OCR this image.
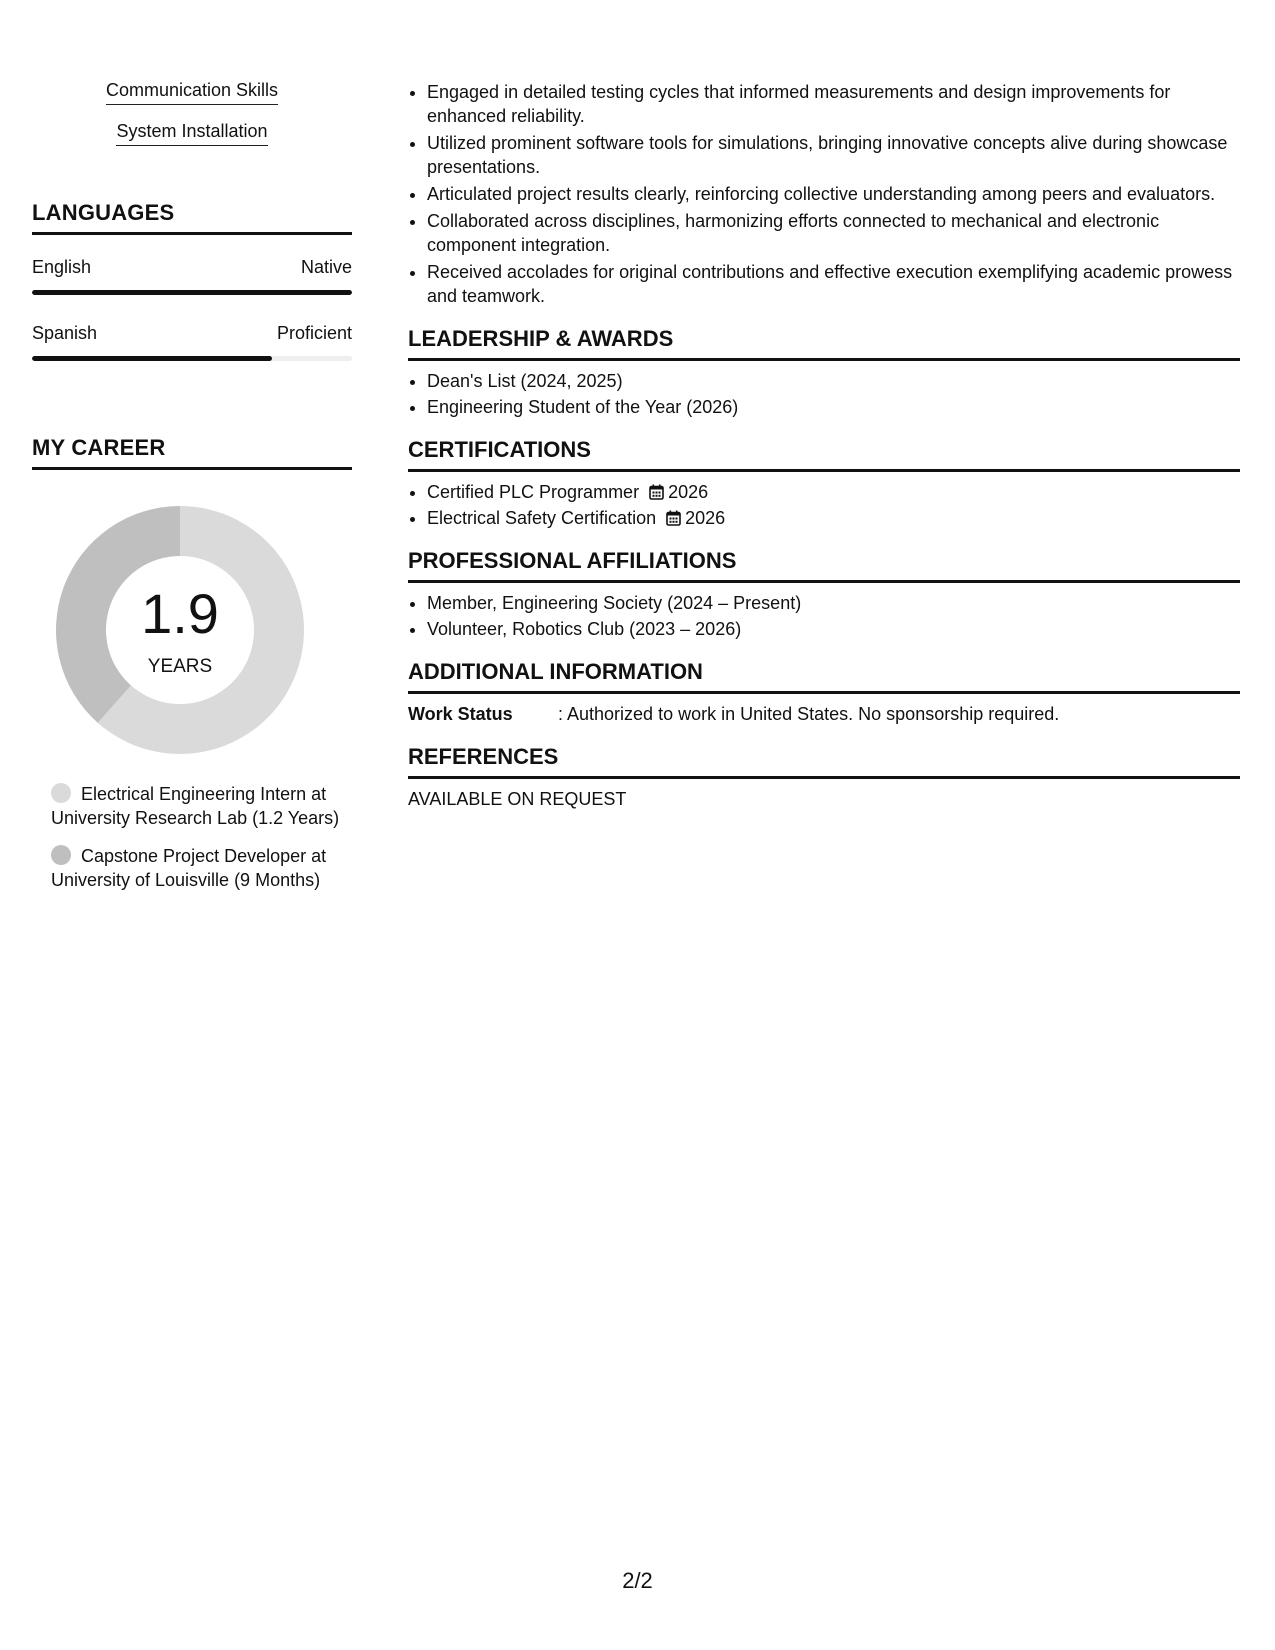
Communication Skills
System Installation
LANGUAGES
English	Native
Spanish	Proficient
MY CAREER
1.9
YEARS
Electrical Engineering Intern at University Research Lab (1.2 Years)
Capstone Project Developer at University of Louisville (9 Months)
• Engaged in detailed testing cycles that informed measurements and design improvements for enhanced reliability.
• Utilized prominent software tools for simulations, bringing innovative concepts alive during showcase presentations.
• Articulated project results clearly, reinforcing collective understanding among peers and evaluators.
• Collaborated across disciplines, harmonizing efforts connected to mechanical and electronic component integration.
• Received accolades for original contributions and effective execution exemplifying academic prowess and teamwork.
LEADERSHIP & AWARDS
• Dean's List (2024, 2025)
• Engineering Student of the Year (2026)
CERTIFICATIONS
• Certified PLC Programmer 2026
• Electrical Safety Certification 2026
PROFESSIONAL AFFILIATIONS
• Member, Engineering Society (2024 – Present)
• Volunteer, Robotics Club (2023 – 2026)
ADDITIONAL INFORMATION
Work Status	: Authorized to work in United States. No sponsorship required.
REFERENCES
AVAILABLE ON REQUEST
2/2
